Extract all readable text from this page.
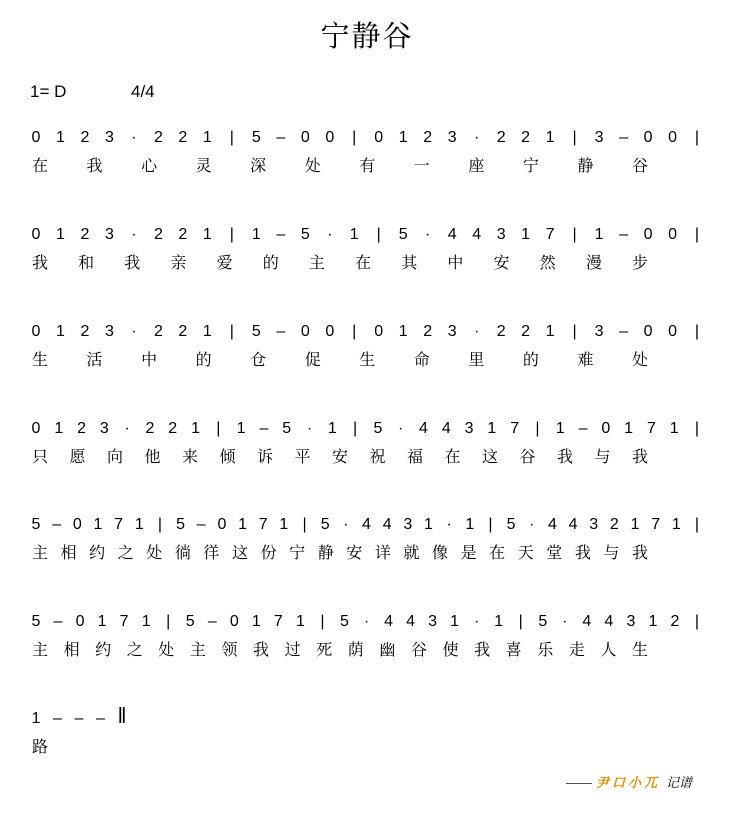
宁静谷
1= D	4/4
0 1 2 3 · 2 2 1 | 5 – 0 0 | 0 1 2 3 · 2 2 1 | 3 – 0 0 |
在 我 心 灵 深 处 有 一 座 宁 静 谷
0 1 2 3 · 2 2 1 | 1 – 5 · 1 | 5 · 4 4 3 1 7 | 1 – 0 0 |
我 和 我 亲 爱 的 主 在 其 中 安 然 漫 步
0 1 2 3 · 2 2 1 | 5 – 0 0 | 0 1 2 3 · 2 2 1 | 3 – 0 0 |
生 活 中 的 仓 促 生 命 里 的 难 处
0 1 2 3 · 2 2 1 | 1 – 5 · 1 | 5 · 4 4 3 1 7 | 1 – 0 1 7 1 |
只 愿 向 他 来 倾 诉 平 安 祝 福 在 这 谷 我 与 我
5 – 0 1 7 1 | 5 – 0 1 7 1 | 5 · 4 4 3 1 · 1 | 5 · 4 4 3 2 1 7 1 |
主 相 约 之 处 徜 徉 这 份 宁 静 安 详 就 像 是 在 天 堂 我 与 我
5 – 0 1 7 1 | 5 – 0 1 7 1 | 5 · 4 4 3 1 · 1 | 5 · 4 4 3 1 2 |
主 相 约 之 处 主 领 我 过 死 荫 幽 谷 使 我 喜 乐 走 人 生
1 – – – ‖
路
—— 尹口小兀 记谱
